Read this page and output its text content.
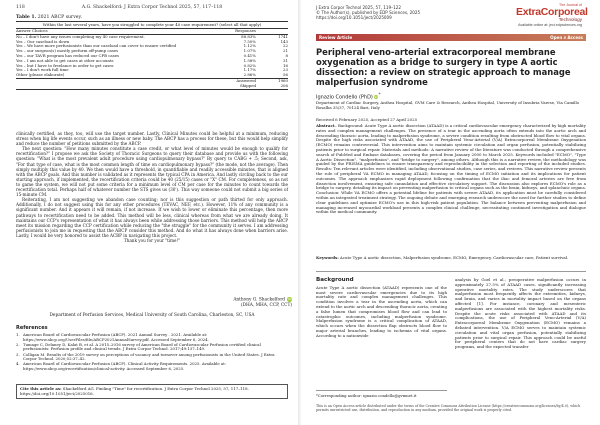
118	A.G. Shackelford: J Extra Corpor Technol 2025, 57, 117–118
Table 1. 2021 ABCP survey.
Within the last several years, have you struggled to complete your 40 case requirement? (select all that apply)
Answer Choices	Responses
No – I don't have any issues completing my 40 case requirement.	88.83%	1741
Yes – Our caseload is down	7.50%	143
Yes – We have more perfusionists than our caseload can cover to ensure certified	1.12%	22
Yes – our surgeon(s) mostly perform off-pump cases	1.07%	21
Yes – our TAVR program has reduced our CPB cases	0.41%	8
Yes – I am not able to get cases at other accounts	1.58%	31
Yes – but I have to freelance in order to get cases	0.82%	16
Yes – I don't work full time	1.17%	23
Other (please elaborate)	2.86%	56
Answered	1960
Skipped	206

clinically certified, as they, too, will use the target number. Lastly, Clinical Minutes could be helpful at a minimum, reducing stress when big life events occur, such as an illness or new baby. The ABCP has a process for these, but this would help simplify and reduce the number of petitions submitted by the ABCP.

The next question: "How many minutes constitute a case credit, or what level of minutes would be enough to qualify for recertification?" I propose we ask the Society of Thoracic Surgeons to query their database and provide us with the following question: "What is the most prevalent adult procedure using cardiopulmonary bypass?" By query to CABG + .5; Second, ask, "For that type of case, what is the most common length of time on cardiopulmonary bypass?" (the mode, not the average). Then simply multiply this value by 40. We then would have a threshold, in quantifiable and readily accessible minutes, that is aligned with the ABCP goals. And this number is validated as it represents the typical CPA in America. And lastly circling back to the our starting approach, if implemented, the recertification criteria could be 40 (25/15) cases or "X" CM. For completeness, so as not to game the system, we will not put some criteria for a minimum level of CM per case for the minutes to count towards the recertification total. Perhaps half of whatever number the STS gives us (30'). This way someone could not submit a big series of 15-minute CM.

Reiterating, I am not suggesting we abandon case counting; nor is this suggestion or path thirted for only approach. Additionally, I do not suggest using this for any other procedures (TEVAC, NEF, etc.). However, 11% of any community is a significant number. And it appears it will remain, if not increase. If we wish to lower or eliminate this percentage, then more pathways to recertification need to be added. This method will be less, clinical whereas from what we are already doing. It maintains our CCP's representation of what it has always been while addressing those barriers. This method will help the ABCP meet its mission regarding the CCP certification while reducing the "the struggle" for the community it serves. I am addressing perfusionists to join me in requesting that the ABCP consider this method. And do what it has always done when barriers arise. Lastly, I would be very honored to assist the ACBP in navigating this project.

Thank you for your "time!"

Anthony G. Shackelford iD
(DHA, MHA, CCP, CCT)
Department of Perfusion Services, Medical University of South Carolina, Charleston, SC, USA
References
1. American Board of Cardiovascular Perfusion (ABCP). 2021 Annual Survey . 2021. Available at: https://www.abcp.org/UserFiles/file/ABCP2021AnnualSurvey.pdf. Accessed September 6, 2024.
2. Tumage C, Delaney D, Kalat B, et al. A 2015–2016 survey of American Board of Cardiovascular Perfusion certified clinical perfusionists: Perfusion profile and clinical trends. J Extra Corpor Technol. 2017;49:137–149.
3. Colligan M. Results of the 2019 survey on perceptions of vacancy and turnover among perfusionists in the United States. J Extra Corpor Technol. 2020;52:37–42.
4. American Board of Cardiovascular Perfusion (ABCP). Clinical Activity Requirements. 2025. Available at: https://www.abcp.org/recertification/clinical-activity. Accessed September 6, 2025.
Cite this article as: Shackelford AG. Finding "Time" for recertification. J Extra Corpor Technol 2025, 57, 117–118. https://doi.org/10.1051/ject/2025016.
J Extra Corpor Technol 2025, 57, 119–122
© The Author(s), published by EDP Sciences, 2025
https://doi.org/10.1051/ject/2025009
The Journal of
ExtraCorporeal
Technology
Available online at: ject.edpsciences.org
Review Article	Open ∂ Access
Peripheral veno-arterial extracorporeal membrane oxygenation as a bridge to surgery in type A aortic dissection: a review on strategic approach to manage malperfusion syndrome
Ignazio Condello (PhD) iD*
Department of Cardiac Surgery, Anthea Hospital, GVM Care & Research, Anthea Hospital, University of Insubria Varese, Via Camillo Rosalba 35/37, 70124 Bari, Italy
Received 6 February 2025, Accepted 27 April 2025
Abstract– Background: Acute Type A aortic dissection (ATAAD) is a critical cardiovascular emergency characterized by high mortality rates and complex management challenges. The presence of a tear in the ascending aorta often extends into the aortic arch and descending thoracic aorta, leading to malperfusion syndrome, a severe condition resulting from obstructed blood flow to vital organs. Despite the high risks associated with ATAAD, the use of Peripheral Veno-Arterial (V/A) Extracorporeal Membrane Oxygenation (ECMO) remains controversial. This intervention aims to maintain systemic circulation and organ perfusion, potentially stabilizing patients prior to surgical repair. Materials and methods: A narrative review of the literature was conducted through a comprehensive search of PubMed and Embase databases, covering the period from January 2000 to March 2025. Keywords included "ECMO", "Type A Aortic Dissection", "malperfusion", and "bridge to surgery", among others. Although this is a narrative review, the methodology was guided by the PRISMA guidelines to ensure transparency and reproducibility in the selection and reporting of the included studies. Results: Ten relevant articles were identified, including observational studies, case series, and reviews. This narrative review presents the role of peripheral VA ECMO in managing ATAAD, focusing on the timing of ECMO initiation and its implications for patient outcomes. The approach emphasizes rapid deployment following confirmation that the iliac and femoral arteries are free from dissection involvement, ensuring safe cannulation and effective circulatory support. The discussion also explores ECMO's role as a bridge to surgery, detailing its impact on preventing malperfusion to critical organs such as the brain, kidneys, and splanchnic organs. Conclusion: While VA ECMO offers a potential lifeline for patients with severe ATAAD, its application must be carefully considered within an integrated treatment strategy. The ongoing debate and emerging research underscore the need for further studies to define clear guidelines and optimize ECMO's use in this high-risk patient population. The balance between preventing malperfusion and managing increased myocardial workload presents a complex clinical challenge, necessitating continued investigation and dialogue within the medical community.
Keywords: Acute Type A aortic dissection, Malperfusion syndrome, ECMO, Emergency, Cardiovascular care, Patient survival.
Background
Acute Type A aortic dissection (ATAAD) represents one of the most severe cardiovascular emergencies due to its high mortality rate and complex management challenges. This condition involves a tear in the ascending aorta, which can extend to the aortic arch and descending thoracic aorta, creating a false lumen that compromises blood flow and can lead to catastrophic outcomes, including malperfusion syndrome. Malperfusion syndrome is a critical complication of ATAAD, which occurs when the dissection flap obstructs blood flow to major arterial branches, leading to ischemia of vital organs. According to a nationwide
analysis by Goel et al., preoperative malperfusion occurs in approximately 27.5% of ATAAD cases, significantly increasing operative mortality rates. The study underscores that malperfusion most frequently affects the extremities, kidneys, and brain, and varies in mortality impact based on the organs affected [1]. For instance, coronary and mesenteric malperfusions are associated with the highest mortality risks. Despite the acute risks associated with ATAAD and its complications, the use of Peripheral Veno-Arterial (V/A) Extracorporeal Membrane Oxygenation (ECMO) remains a debated intervention. V/A ECMO serves to maintain systemic circulation and vital organ perfusion, potentially stabilizing patients prior to surgical repair. This approach could be useful for peripheral centers that do not have cardiac surgery programs, and the expected transfer
*Corresponding author: ignazio.condello@gvmnet.it
This is an Open Access article distributed under the terms of the Creative Commons Attribution License (https://creativecommons.org/licenses/by/4.0), which permits unrestricted use, distribution, and reproduction in any medium, provided the original work is properly cited.
